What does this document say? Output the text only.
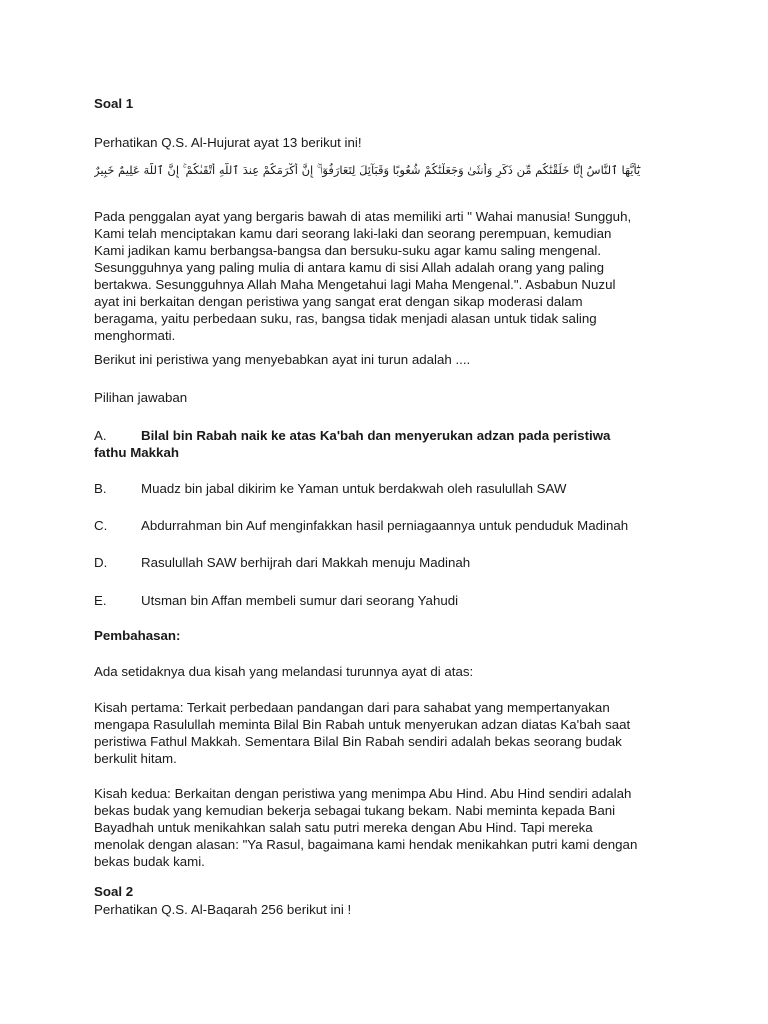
Soal 1
Perhatikan Q.S. Al-Hujurat ayat 13 berikut ini!
يَٰٓأَيُّهَا ٱلنَّاسُ إِنَّا خَلَقْنَٰكُم مِّن ذَكَرٍ وَأُنثَىٰ وَجَعَلْنَٰكُمْ شُعُوبًا وَقَبَآئِلَ لِتَعَارَفُوٓا۟ ۚ إِنَّ أَكْرَمَكُمْ عِندَ ٱللَّهِ أَتْقَىٰكُمْ ۚ إِنَّ ٱللَّهَ عَلِيمٌ خَبِيرٌ
Pada penggalan ayat yang bergaris bawah di atas memiliki arti " Wahai manusia! Sungguh,
Kami telah menciptakan kamu dari seorang laki-laki dan seorang perempuan, kemudian
Kami jadikan kamu berbangsa-bangsa dan bersuku-suku agar kamu saling mengenal.
Sesungguhnya yang paling mulia di antara kamu di sisi Allah adalah orang yang paling
bertakwa. Sesungguhnya Allah Maha Mengetahui lagi Maha Mengenal.". Asbabun Nuzul
ayat ini berkaitan dengan peristiwa yang sangat erat dengan sikap moderasi dalam
beragama, yaitu perbedaan suku, ras, bangsa tidak menjadi alasan untuk tidak saling
menghormati.
Berikut ini peristiwa yang menyebabkan ayat ini turun adalah ....
Pilihan jawaban
A.	Bilal bin Rabah naik ke atas Ka'bah dan menyerukan adzan pada peristiwa
fathu Makkah
B.	Muadz bin jabal dikirim ke Yaman untuk berdakwah oleh rasulullah SAW
C.	Abdurrahman bin Auf menginfakkan hasil perniagaannya untuk penduduk Madinah
D.	Rasulullah SAW berhijrah dari Makkah menuju Madinah
E.	Utsman bin Affan membeli sumur dari seorang Yahudi
Pembahasan:
Ada setidaknya dua kisah yang melandasi turunnya ayat di atas:
Kisah pertama: Terkait perbedaan pandangan dari para sahabat yang mempertanyakan
mengapa Rasulullah meminta Bilal Bin Rabah untuk menyerukan adzan diatas Ka'bah saat
peristiwa Fathul Makkah. Sementara Bilal Bin Rabah sendiri adalah bekas seorang budak
berkulit hitam.
Kisah kedua: Berkaitan dengan peristiwa yang menimpa Abu Hind. Abu Hind sendiri adalah
bekas budak yang kemudian bekerja sebagai tukang bekam. Nabi meminta kepada Bani
Bayadhah untuk menikahkan salah satu putri mereka dengan Abu Hind. Tapi mereka
menolak dengan alasan: "Ya Rasul, bagaimana kami hendak menikahkan putri kami dengan
bekas budak kami.
Soal 2
Perhatikan Q.S. Al-Baqarah 256 berikut ini !
